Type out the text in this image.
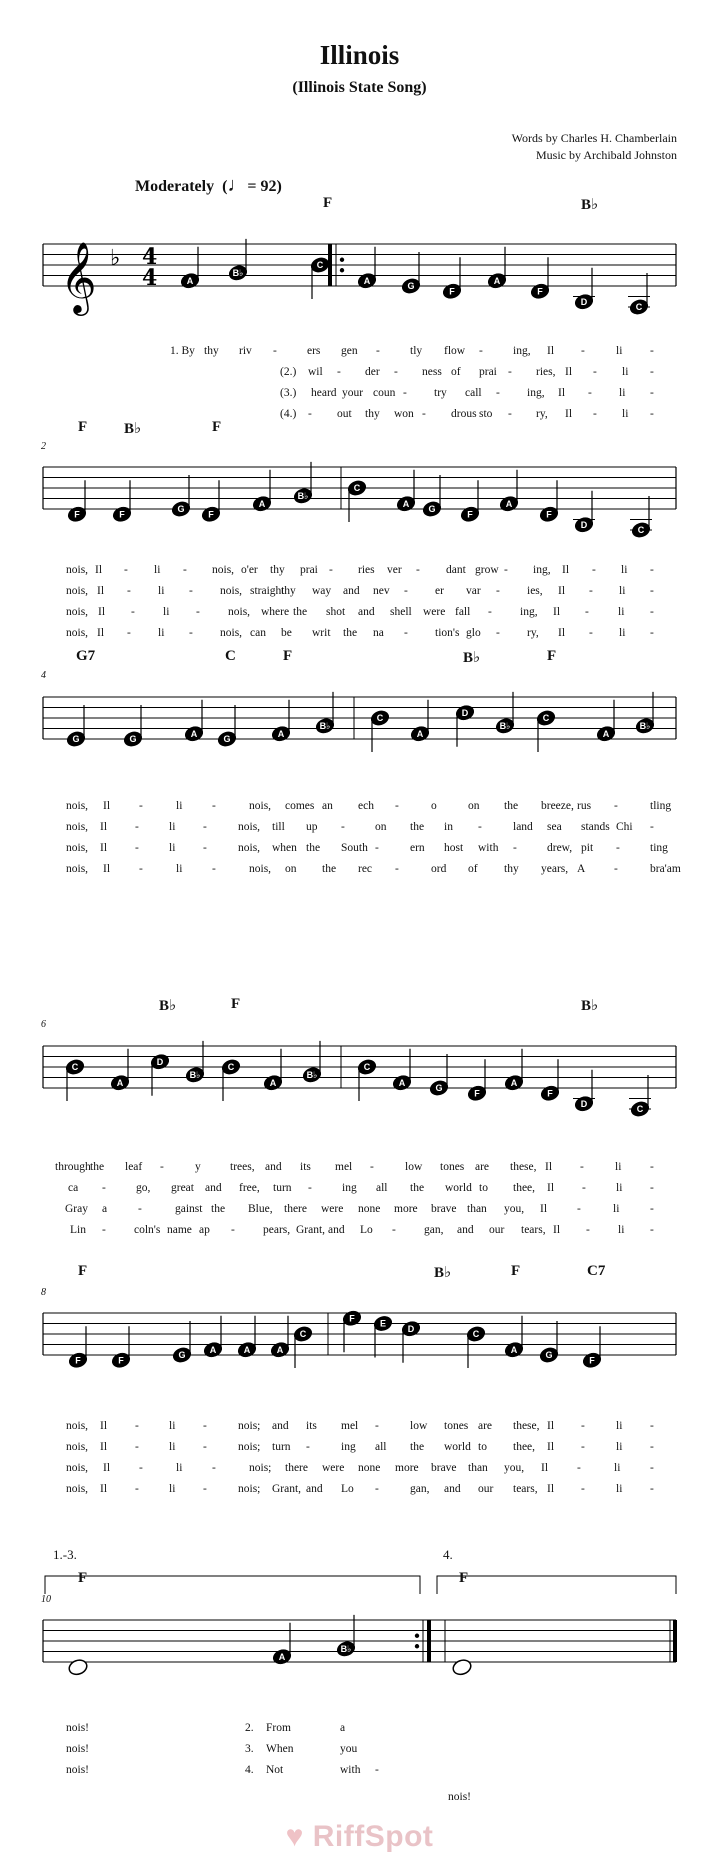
Illinois
(Illinois State Song)
Words by Charles H. Chamberlain
Music by Archibald Johnston
Moderately  (♩= 92)
𝄞 ♭ 4
4	A
B♭
C
A
G
F
A
F
D
C
F	F
G
F
A
B♭
C
A
G
F
A
F
D
C
G	G
A
G
A
B♭
C
A
D
B♭
C
A
B♭
C
A
D
B♭
C
A
B♭
C
A
G
F
A
F
D
C
F	F
G
A	A	A
C
F
E
D
C
A
G
F
F
A
B♭
F
F	B♭
F B♭	F
G7	C	F	B♭	F
B♭	F	B♭
F	B♭	F	C7
F	F
2
4
6
8
10
1.-3.	4.
1. By thy riv -	ers gen -	tly flow -	ing, Il -	li -
(2.) wil - der - ness of prai - ries, Il - li -
(3.) heard your coun - try call - ing, Il - li -
(4.) - out thy won - drous sto - ry, Il - li -
nois, Il - li - nois, o'er thy prai - ries ver - dant grow - ing, Il - li -
nois, Il - li - nois, straight
thy way and nev - er var - ies, Il - li -
nois, Il - li - nois, where the shot and shell were fall - ing, Il -	li -
nois, Il - li - nois, can be writ the na - tion's glo - ry, Il - li -
nois, Il	-	li	-	nois, comes an ech -	o	on the breeze, rus -	tling
nois, Il -	li -	nois, till up -	on the in -	land sea stands Chi -
nois, Il -	li -	nois, when the South -	ern host with -	drew, pit -	ting
nois, Il	-	li	-	nois, on the rec -	ord of thy years, A -	bra'am
through the leaf -	y	trees, and its mel -	low tones are these, Il -	li -
ca -	go, great and free, turn -	ing all the world to thee, Il -	li -
Gray a	-	gainst the Blue, there were none more brave than you, Il	-	li	-
Lin - coln's name ap - pears, Grant, and Lo - gan, and our tears, Il - li -
nois, Il -	li -	nois; and its mel -	low tones are these, Il -	li -
nois, Il -	li -	nois; turn -	ing all the world to thee, Il -	li -
nois, Il	-	li	-	nois; there were none more brave than you, Il	-	li	-
nois, Il -	li -	nois; Grant, and Lo -	gan, and our tears, Il -	li -
nois!	2. From	a
nois!	3. When	you
nois!	4. Not	with -
nois!
♥ RiffSpot
